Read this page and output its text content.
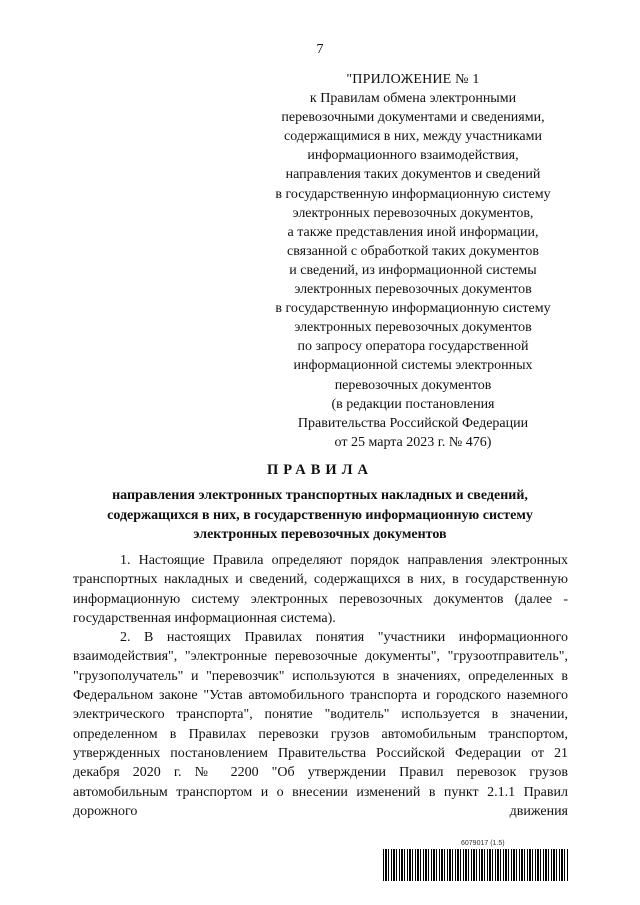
7
"ПРИЛОЖЕНИЕ № 1
к Правилам обмена электронными
перевозочными документами и сведениями,
содержащимися в них, между участниками
информационного взаимодействия,
направления таких документов и сведений
в государственную информационную систему
электронных перевозочных документов,
а также представления иной информации,
связанной с обработкой таких документов
и сведений, из информационной системы
электронных перевозочных документов
в государственную информационную систему
электронных перевозочных документов
по запросу оператора государственной
информационной системы электронных
перевозочных документов
(в редакции постановления
Правительства Российской Федерации
от 25 марта 2023 г. № 476)
ПРАВИЛА
направления электронных транспортных накладных и сведений,
содержащихся в них, в государственную информационную систему
электронных перевозочных документов

1. Настоящие Правила определяют порядок направления электронных транспортных накладных и сведений, содержащихся в них, в государственную информационную систему электронных перевозочных документов (далее - государственная информационная система).

2. В настоящих Правилах понятия "участники информационного взаимодействия", "электронные перевозочные документы", "грузоотправитель", "грузополучатель" и "перевозчик" используются в значениях, определенных в Федеральном законе "Устав автомобильного транспорта и городского наземного электрического транспорта", понятие "водитель" используется в значении, определенном в Правилах перевозки грузов автомобильным транспортом, утвержденных постановлением Правительства Российской Федерации от 21 декабря 2020 г. № 2200 "Об утверждении Правил перевозок грузов автомобильным транспортом и о внесении изменений в пункт 2.1.1 Правил дорожного движения

6079017 (1.5)
